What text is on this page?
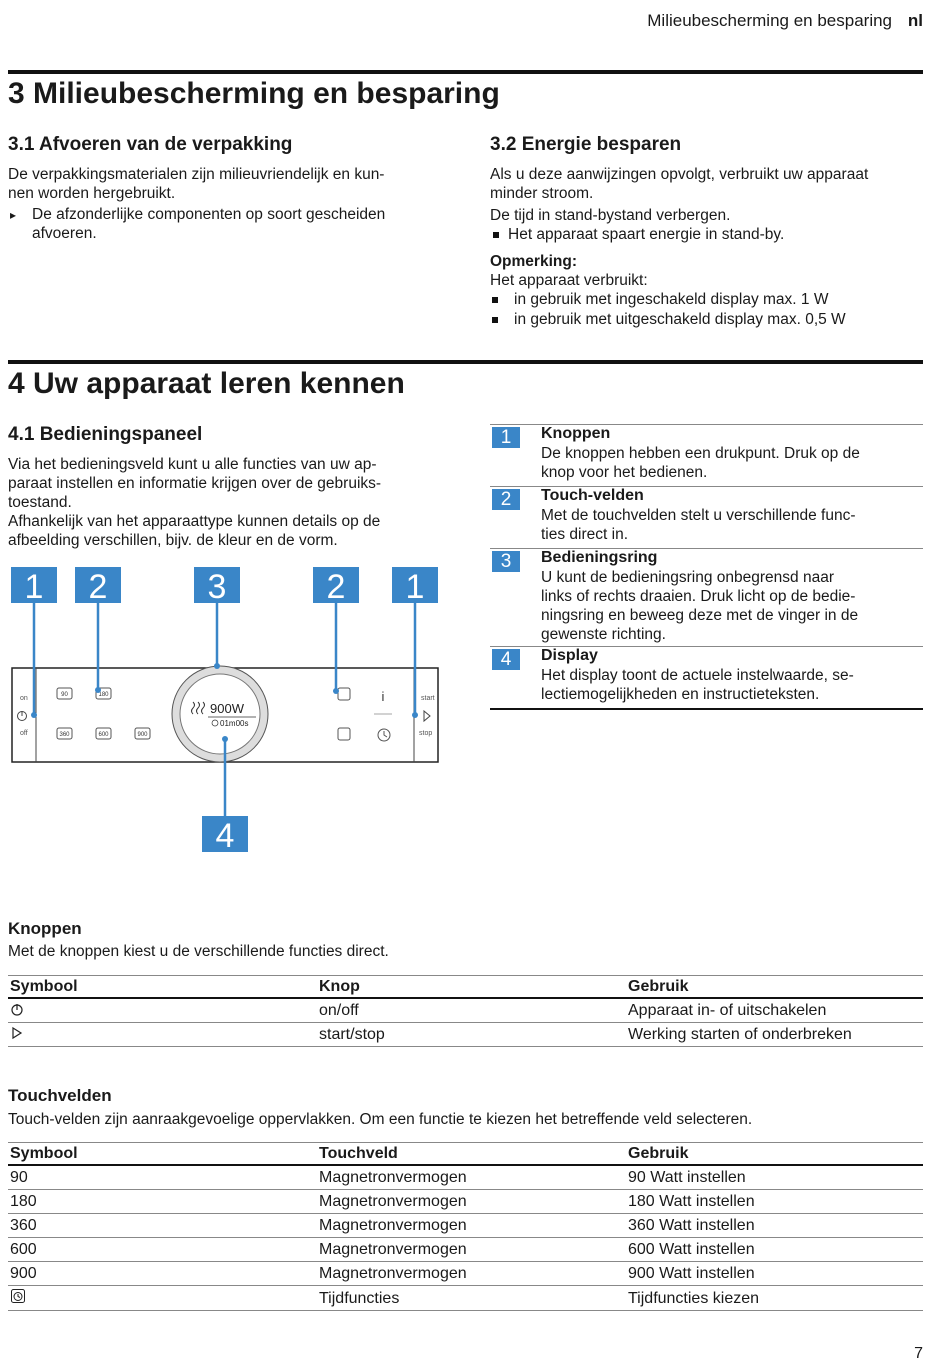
Milieubescherming en besparing nl
3 Milieubescherming en besparing
3.1 Afvoeren van de verpakking

De verpakkingsmaterialen zijn milieuvriendelijk en kun-

nen worden hergebruikt.

▸ De afzonderlijke componenten op soort gescheiden

afvoeren.

3.2 Energie besparen

Als u deze aanwijzingen opvolgt, verbruikt uw apparaat

minder stroom.

De tijd in stand-bystand verbergen.

Het apparaat spaart energie in stand-by.

Opmerking:

Het apparaat verbruikt:

in gebruik met ingeschakeld display max. 1 W
in gebruik met uitgeschakeld display max. 0,5 W
4 Uw apparaat leren kennen
4.1 Bedieningspaneel

Via het bedieningsveld kunt u alle functies van uw ap-

paraat instellen en informatie krijgen over de gebruiks-

toestand.

Afhankelijk van het apparaattype kunnen details op de

afbeelding verschillen, bijv. de kleur en de vorm.

1	Knoppen

De knoppen hebben een drukpunt. Druk op de

knop voor het bedienen.

2	Touch-velden

Met de touchvelden stelt u verschillende func-

ties direct in.

3	Bedieningsring

U kunt de bedieningsring onbegrensd naar

links of rechts draaien. Druk licht op de bedie-

ningsring en beweeg deze met de vinger in de

gewenste richting.

4	Display

Het display toont de actuele instelwaarde, se-

lectiemogelijkheden en instructieteksten.

1 2	3	2 1
4
on
off
start
stop
90	180
360	600	900
i
900W
01m00s
Knoppen
Met de knoppen kiest u de verschillende functies direct.
Symbool	Knop	Gebruik
	on/off	Apparaat in- of uitschakelen
	start/stop	Werking starten of onderbreken
Touchvelden
Touch-velden zijn aanraakgevoelige oppervlakken. Om een functie te kiezen het betreffende veld selecteren.
Symbool	Touchveld	Gebruik
90	Magnetronvermogen	90 Watt instellen
180	Magnetronvermogen	180 Watt instellen
360	Magnetronvermogen	360 Watt instellen
600	Magnetronvermogen	600 Watt instellen
900	Magnetronvermogen	900 Watt instellen
	Tijdfuncties	Tijdfuncties kiezen
7
